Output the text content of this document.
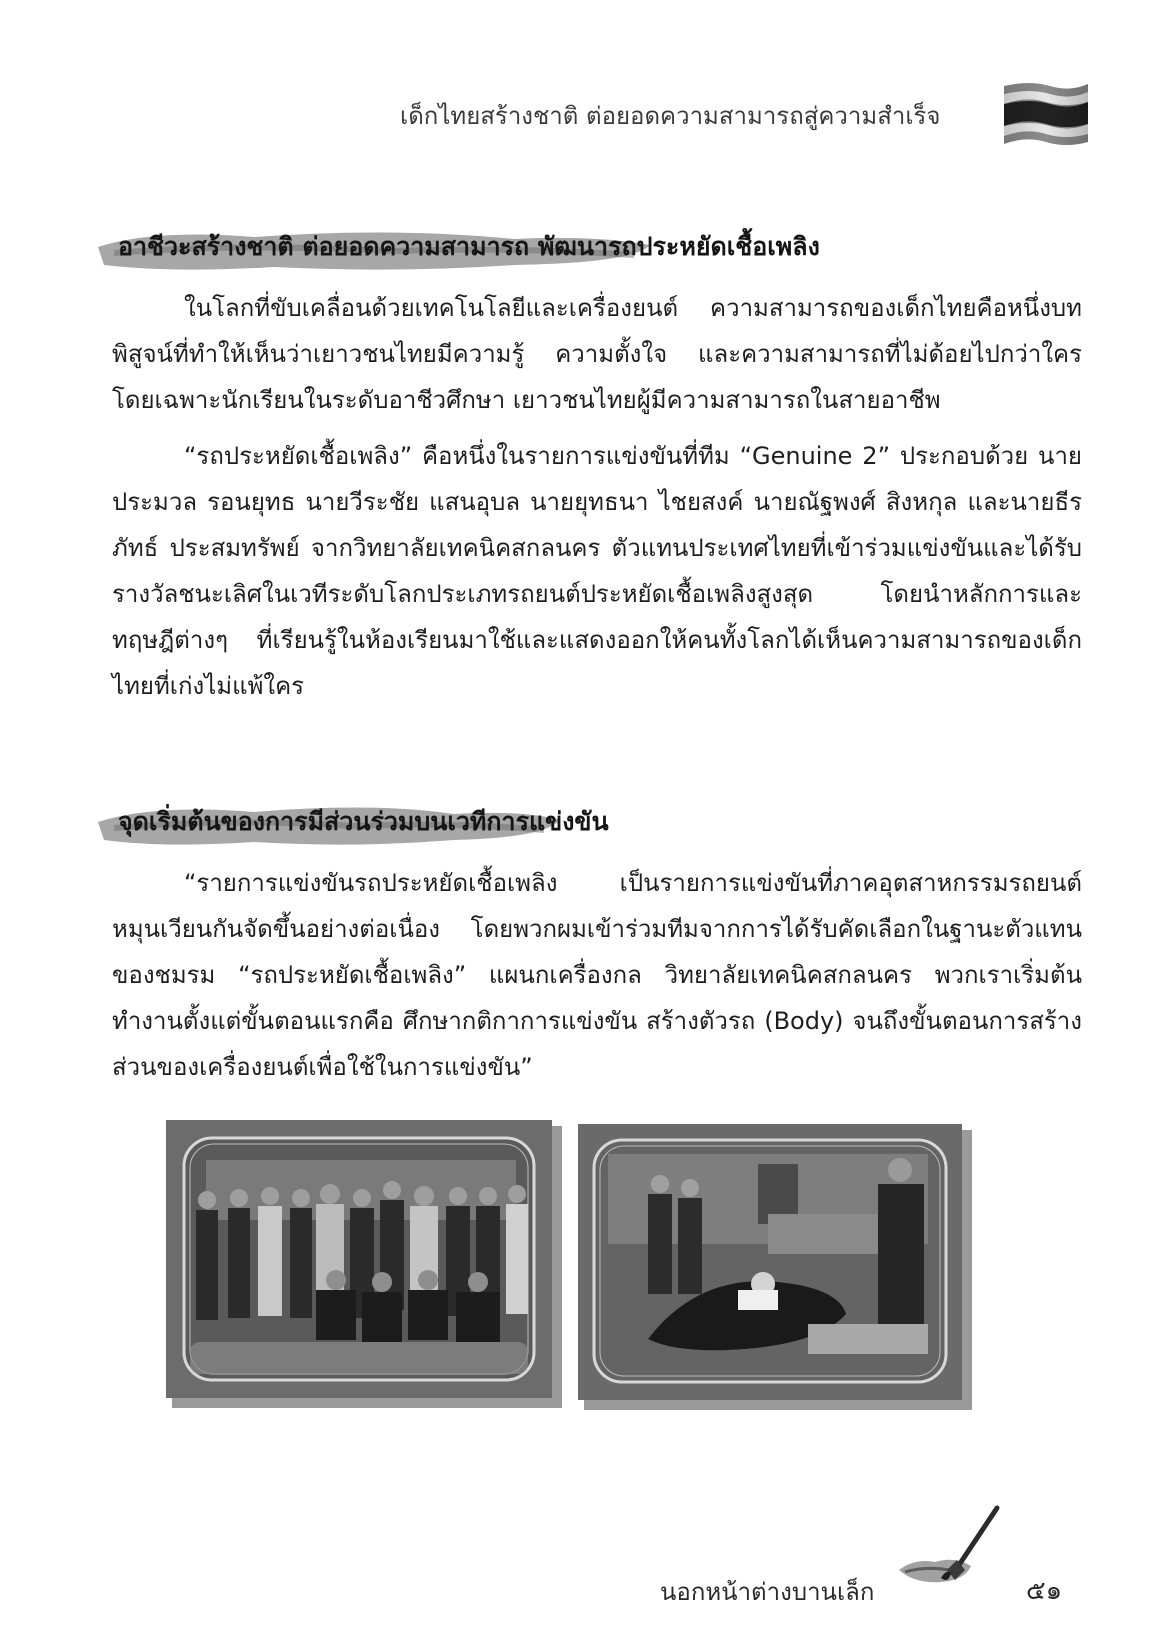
เด็กไทยสร้างชาติ ต่อยอดความสามารถสู่ความสำเร็จ
อาชีวะสร้างชาติ ต่อยอดความสามารถ พัฒนารถประหยัดเชื้อเพลิง

ในโลกที่ขับเคลื่อนด้วยเทคโนโลยีและเครื่องยนต์ ความสามารถของเด็กไทยคือหนึ่งบทพิสูจน์ที่ทำให้เห็นว่าเยาวชนไทยมีความรู้ ความตั้งใจ และความสามารถที่ไม่ด้อยไปกว่าใคร โดยเฉพาะนักเรียนในระดับอาชีวศึกษา เยาวชนไทยผู้มีความสามารถในสายอาชีพ

“รถประหยัดเชื้อเพลิง” คือหนึ่งในรายการแข่งขันที่ทีม “Genuine 2” ประกอบด้วย นายประมวล รอนยุทธ นายวีระชัย แสนอุบล นายยุทธนา ไชยสงค์ นายณัฐพงศ์ สิงหกุล และนายธีรภัทธ์ ประสมทรัพย์ จากวิทยาลัยเทคนิคสกลนคร ตัวแทนประเทศไทยที่เข้าร่วมแข่งขันและได้รับรางวัลชนะเลิศในเวทีระดับโลกประเภทรถยนต์ประหยัดเชื้อเพลิงสูงสุด โดยนำหลักการและทฤษฎีต่างๆ ที่เรียนรู้ในห้องเรียนมาใช้และแสดงออกให้คนทั้งโลกได้เห็นความสามารถของเด็กไทยที่เก่งไม่แพ้ใคร

จุดเริ่มต้นของการมีส่วนร่วมบนเวทีการแข่งขัน

“รายการแข่งขันรถประหยัดเชื้อเพลิง เป็นรายการแข่งขันที่ภาคอุตสาหกรรมรถยนต์หมุนเวียนกันจัดขึ้นอย่างต่อเนื่อง โดยพวกผมเข้าร่วมทีมจากการได้รับคัดเลือกในฐานะตัวแทนของชมรม “รถประหยัดเชื้อเพลิง” แผนกเครื่องกล วิทยาลัยเทคนิคสกลนคร พวกเราเริ่มต้นทำงานตั้งแต่ขั้นตอนแรกคือ ศึกษากติกาการแข่งขัน สร้างตัวรถ (Body) จนถึงขั้นตอนการสร้างส่วนของเครื่องยนต์เพื่อใช้ในการแข่งขัน”

นอกหน้าต่างบานเล็ก	๕๑
